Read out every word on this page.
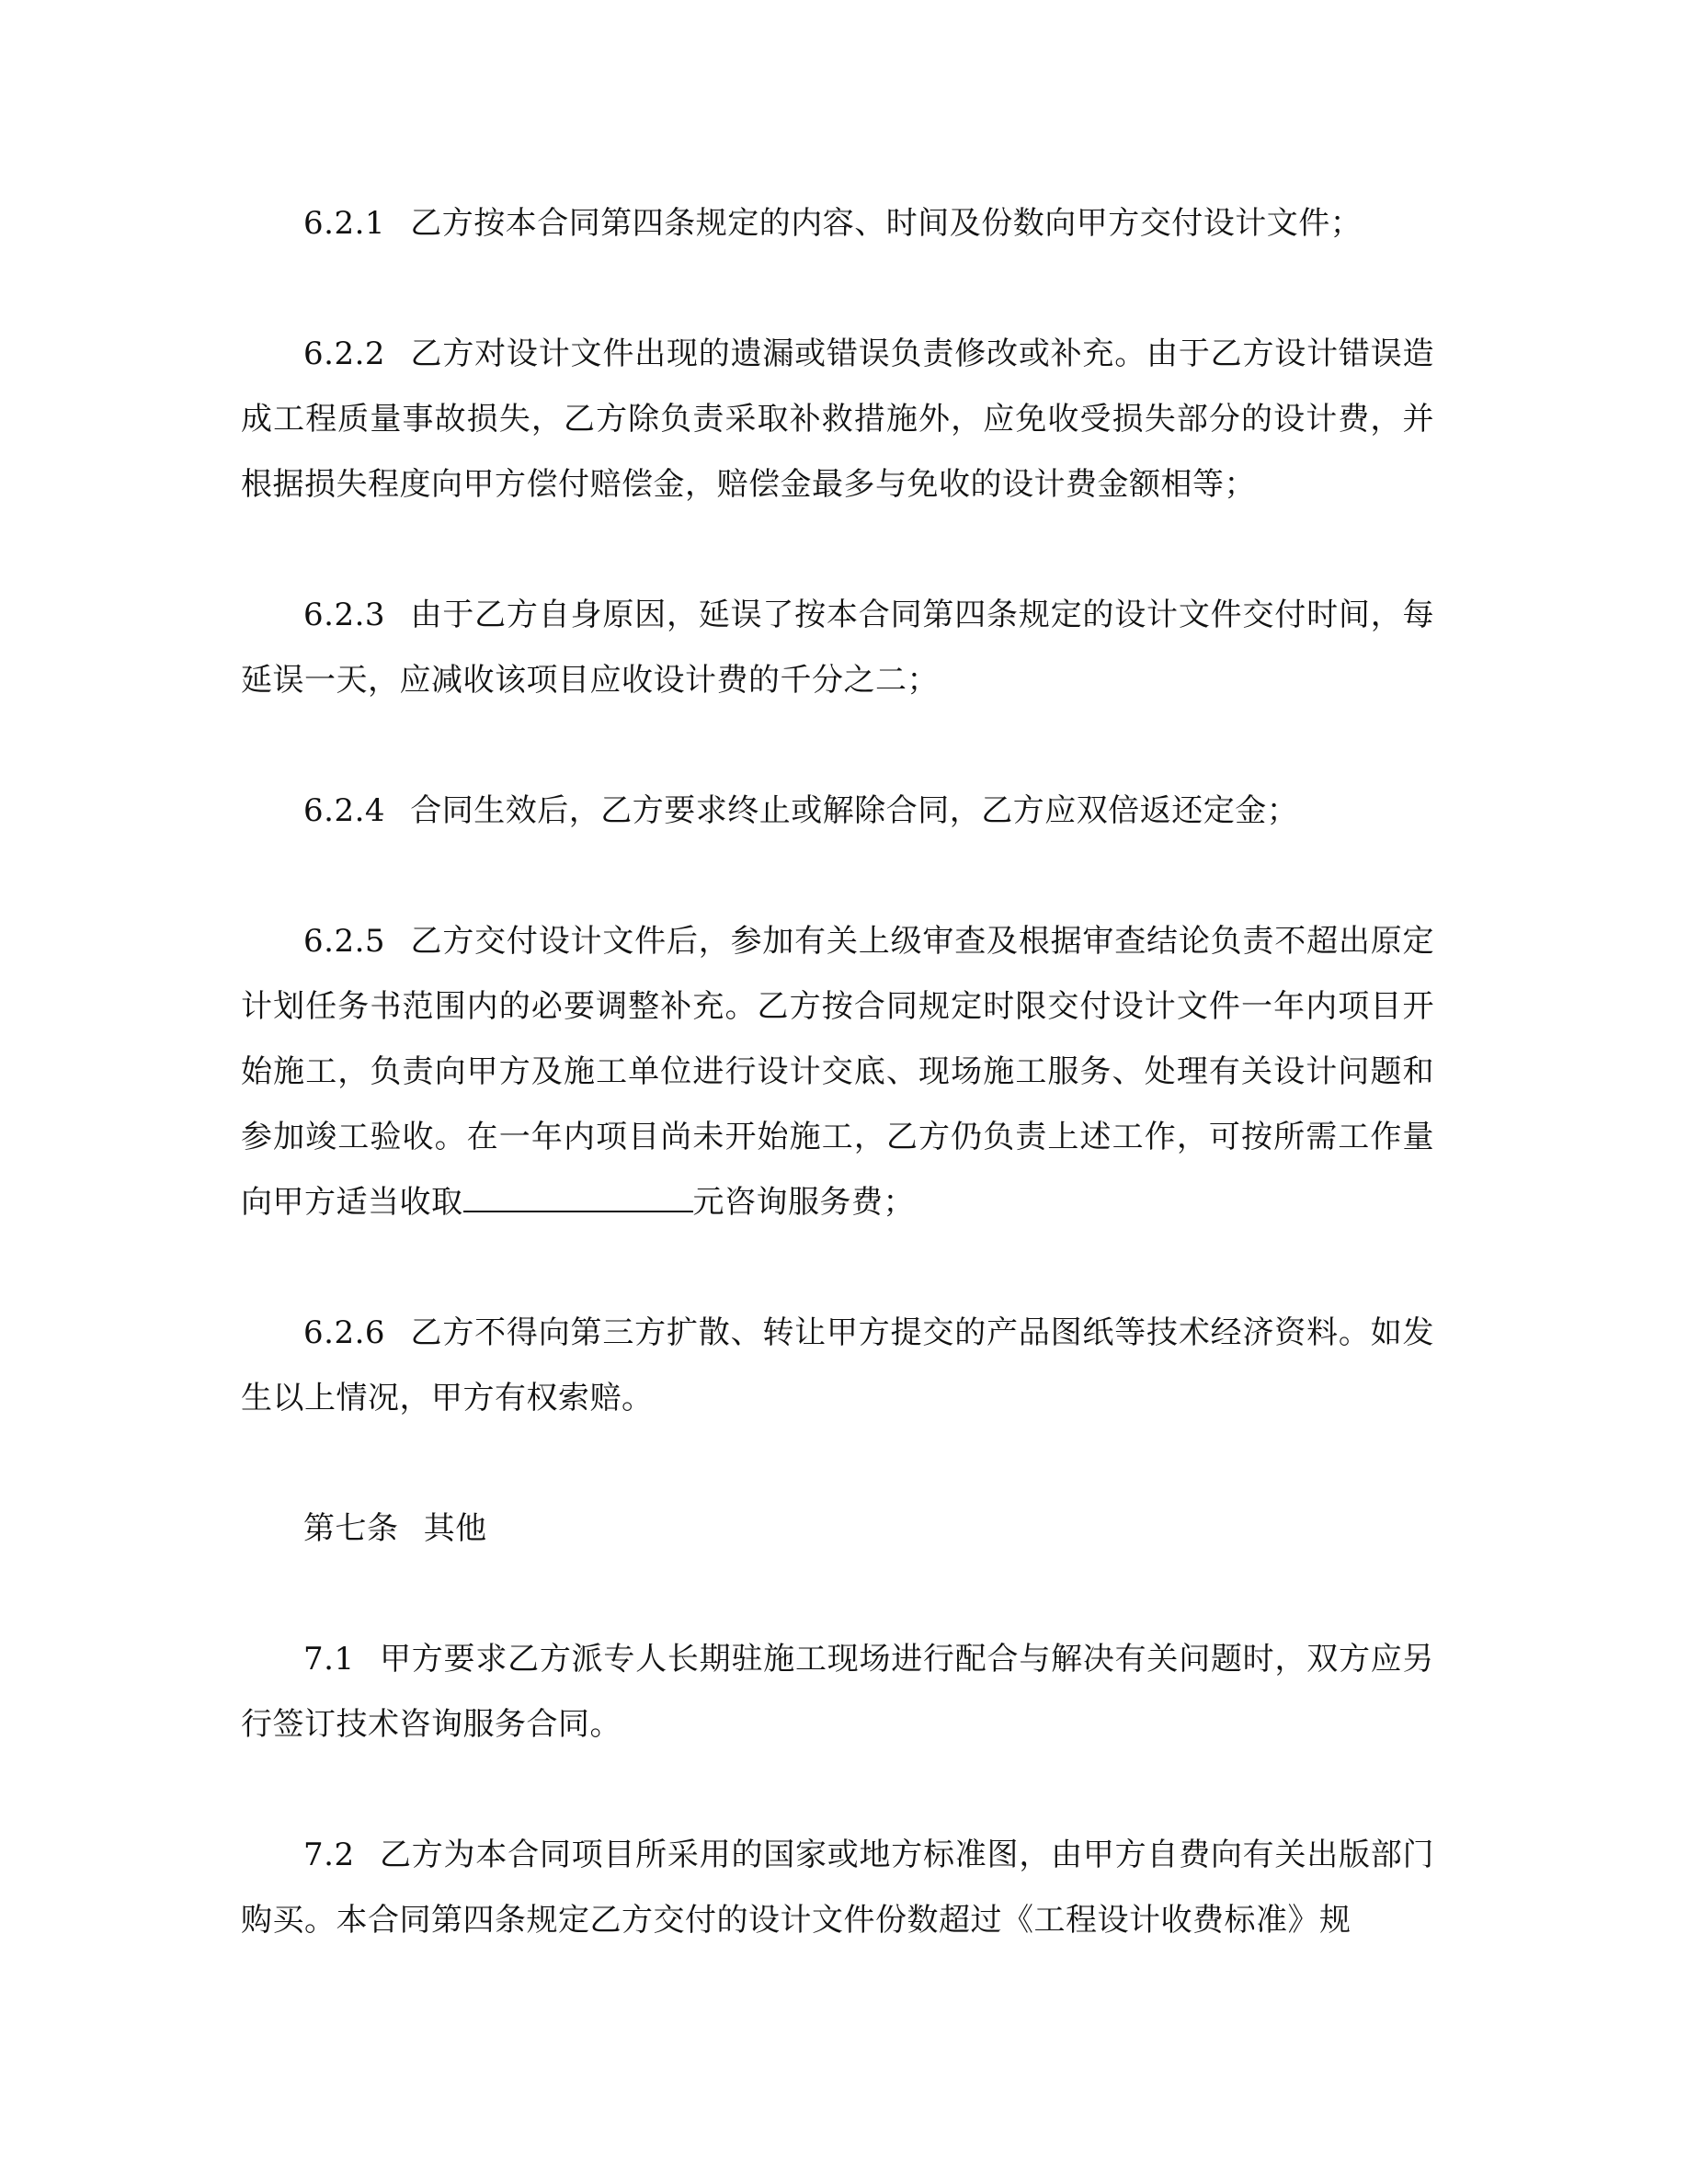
6.2.1 乙方按本合同第四条规定的内容、时间及份数向甲方交付设计文件；

6.2.2 乙方对设计文件出现的遗漏或错误负责修改或补充。由于乙方设计错误造成工程质量事故损失，乙方除负责采取补救措施外，应免收受损失部分的设计费，并根据损失程度向甲方偿付赔偿金，赔偿金最多与免收的设计费金额相等；

6.2.3 由于乙方自身原因，延误了按本合同第四条规定的设计文件交付时间，每延误一天，应减收该项目应收设计费的千分之二；

6.2.4 合同生效后，乙方要求终止或解除合同，乙方应双倍返还定金；

6.2.5 乙方交付设计文件后，参加有关上级审查及根据审查结论负责不超出原定计划任务书范围内的必要调整补充。乙方按合同规定时限交付设计文件一年内项目开始施工，负责向甲方及施工单位进行设计交底、现场施工服务、处理有关设计问题和参加竣工验收。在一年内项目尚未开始施工，乙方仍负责上述工作，可按所需工作量向甲方适当收取	元咨询服务费；

6.2.6 乙方不得向第三方扩散、转让甲方提交的产品图纸等技术经济资料。如发生以上情况，甲方有权索赔。

第七条 其他

7.1 甲方要求乙方派专人长期驻施工现场进行配合与解决有关问题时，双方应另行签订技术咨询服务合同。

7.2 乙方为本合同项目所采用的国家或地方标准图，由甲方自费向有关出版部门购买。本合同第四条规定乙方交付的设计文件份数超过《工程设计收费标准》规
